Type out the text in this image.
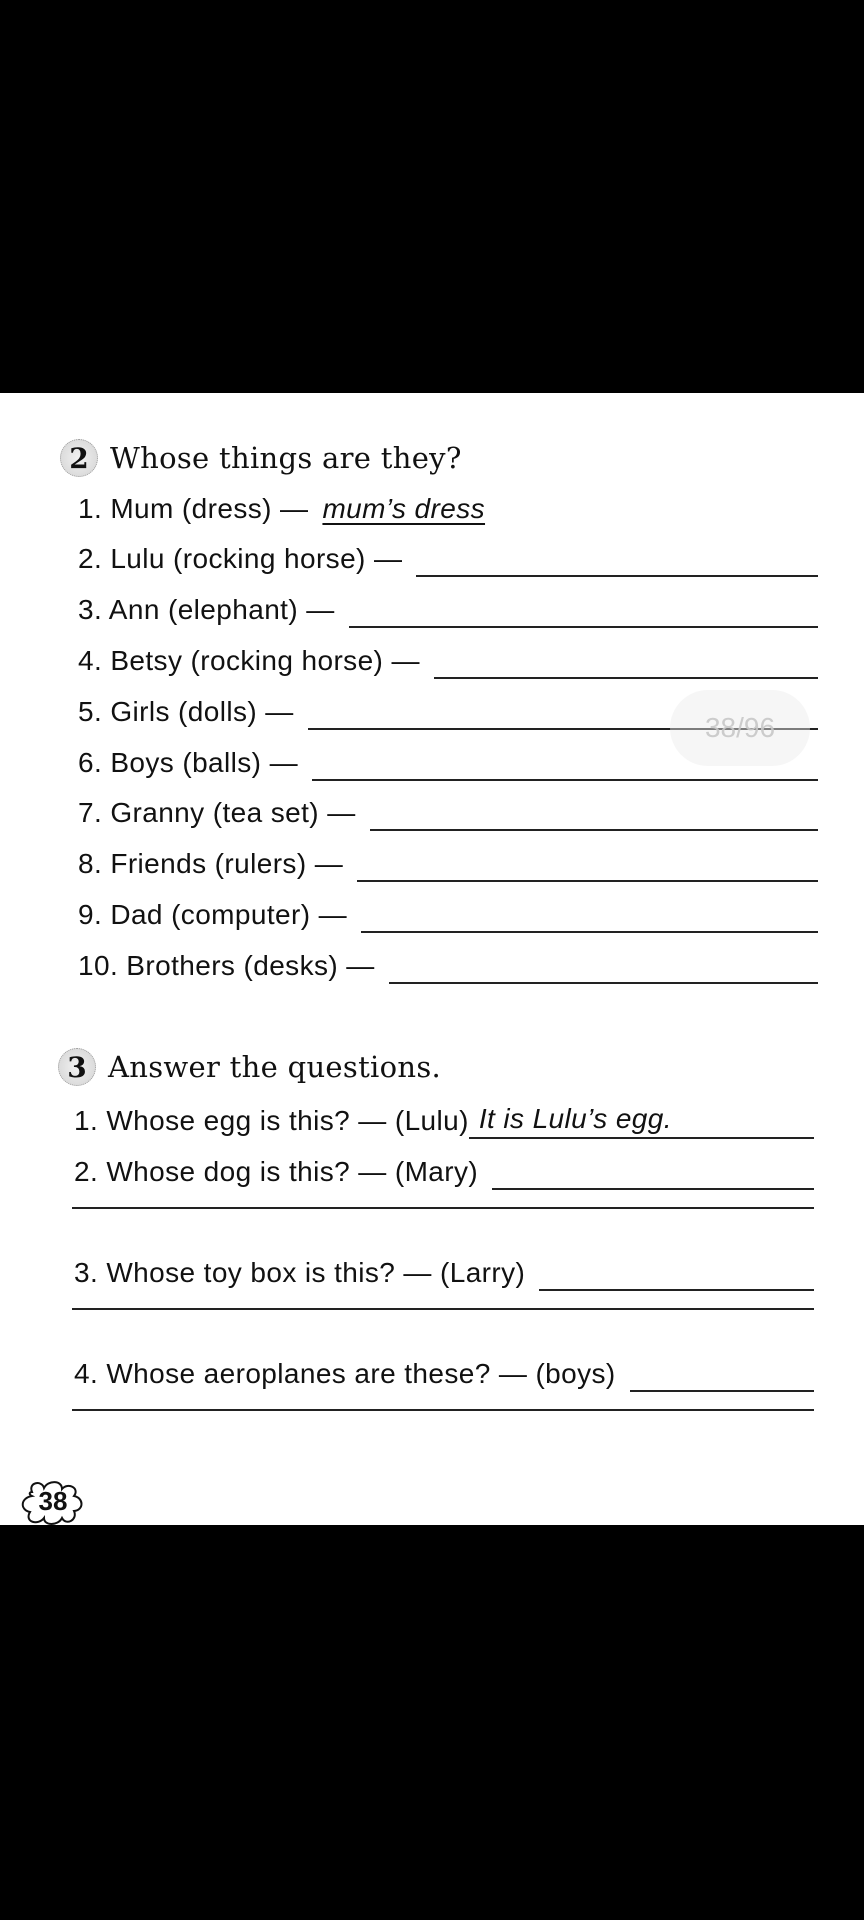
2 Whose things are they?
1. Mum (dress) — mum’s dress
2. Lulu (rocking horse) —
3. Ann (elephant) —
4. Betsy (rocking horse) —
5. Girls (dolls) —
6. Boys (balls) —
7. Granny (tea set) —
8. Friends (rulers) —
9. Dad (computer) —
10. Brothers (desks) —
38/96
3 Answer the questions.
1. Whose egg is this? — (Lulu) It is Lulu’s egg.
2. Whose dog is this? — (Mary)
3. Whose toy box is this? — (Larry)
4. Whose aeroplanes are these? — (boys)
38
